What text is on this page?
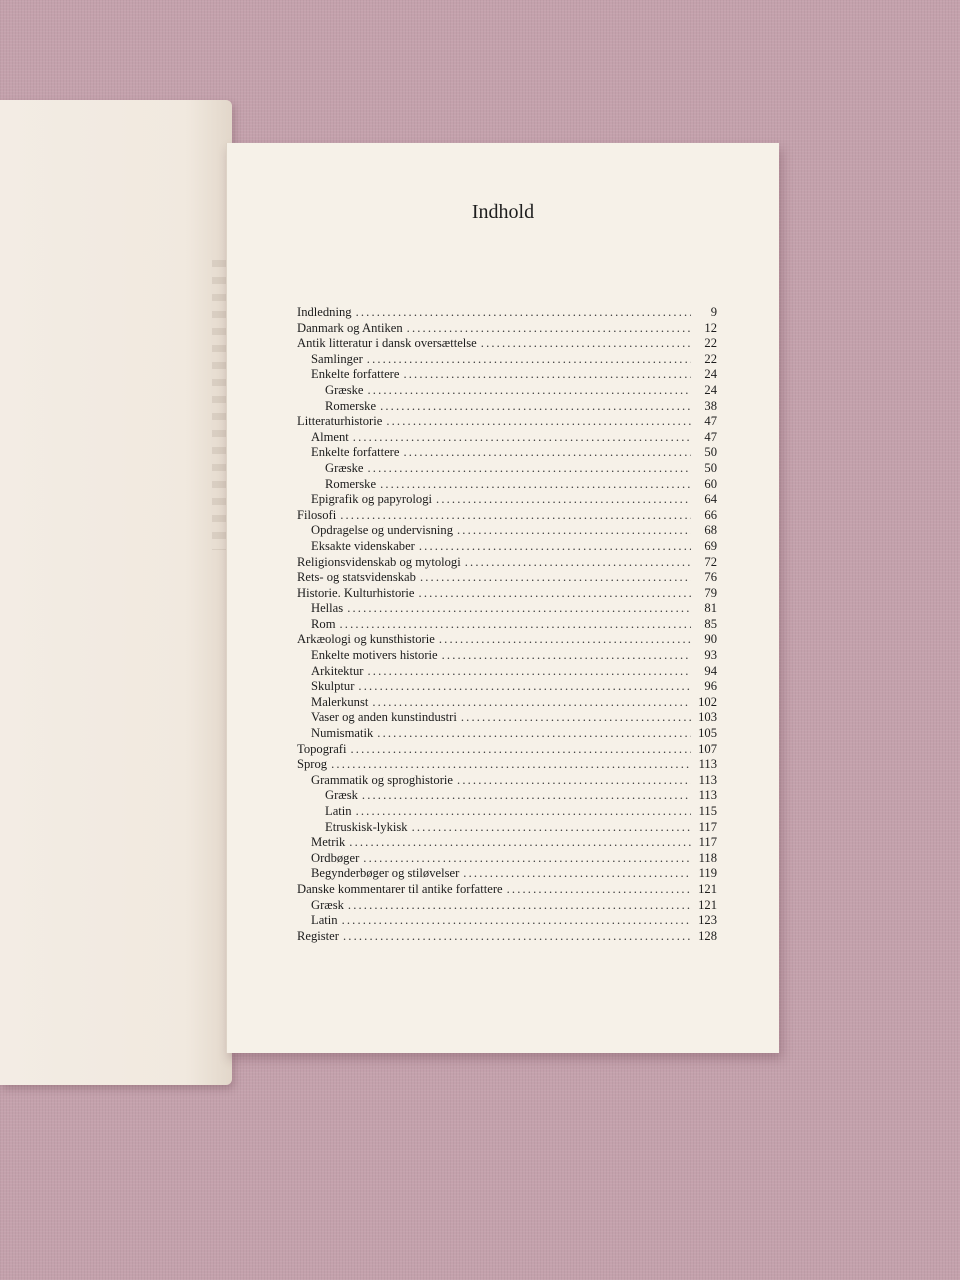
Indhold
Indledning . . .	9
Danmark og Antiken . . .	12
Antik litteratur i dansk oversættelse . . .	22
Samlinger . . .	22
Enkelte forfattere . . .	24
Græske . . .	24
Romerske . . .	38
Litteraturhistorie . . .	47
Alment . . .	47
Enkelte forfattere . . .	50
Græske . . .	50
Romerske . . .	60
Epigrafik og papyrologi . . .	64
Filosofi . . .	66
Opdragelse og undervisning . . .	68
Eksakte videnskaber . . .	69
Religionsvidenskab og mytologi . . .	72
Rets- og statsvidenskab . . .	76
Historie. Kulturhistorie . . .	79
Hellas . . .	81
Rom . . .	85
Arkæologi og kunsthistorie . . .	90
Enkelte motivers historie . . .	93
Arkitektur . . .	94
Skulptur . . .	96
Malerkunst . . .	102
Vaser og anden kunstindustri . . .	103
Numismatik . . .	105
Topografi . . .	107
Sprog . . .	113
Grammatik og sproghistorie . . .	113
Græsk . . .	113
Latin . . .	115
Etruskisk-lykisk . . .	117
Metrik . . .	117
Ordbøger . . .	118
Begynderbøger og stiløvelser . . .	119
Danske kommentarer til antike forfattere . . .	121
Græsk . . .	121
Latin . . .	123
Register . . .	128
